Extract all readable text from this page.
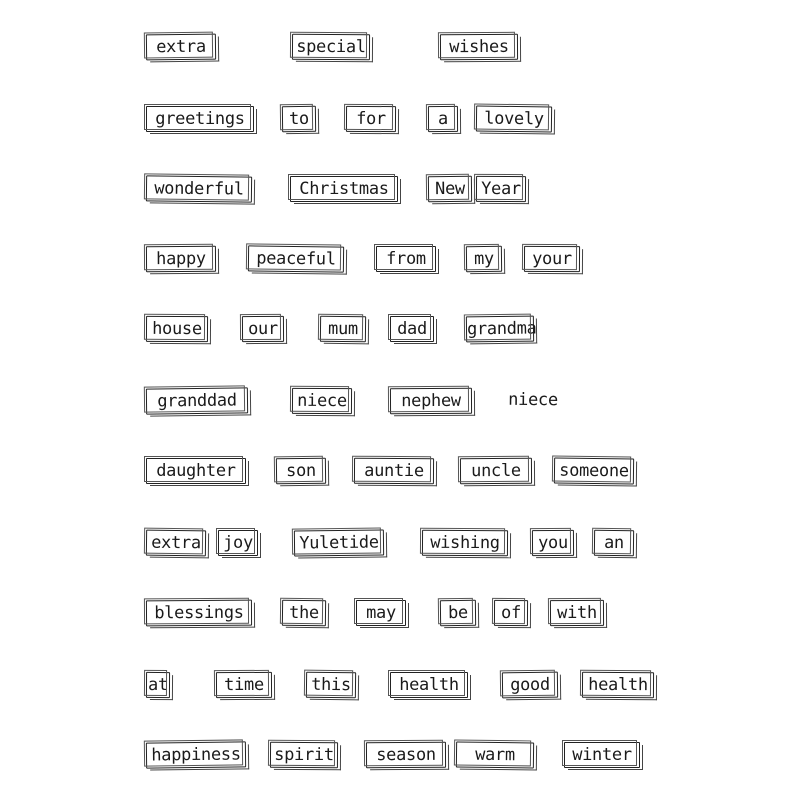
extra	special	wishes
greetings	to	for	a	lovely
wonderful	Christmas	New Year
happy	peaceful	from	my	your
house	our	mum	dad	grandma
granddad	niece	nephew	niece
daughter	son	auntie	uncle	someone
extra	joy	Yuletide	wishing	you	an
blessings	the	may	be	of	with
at	time	this	health	good	health
happiness	spirit	season	warm	winter
